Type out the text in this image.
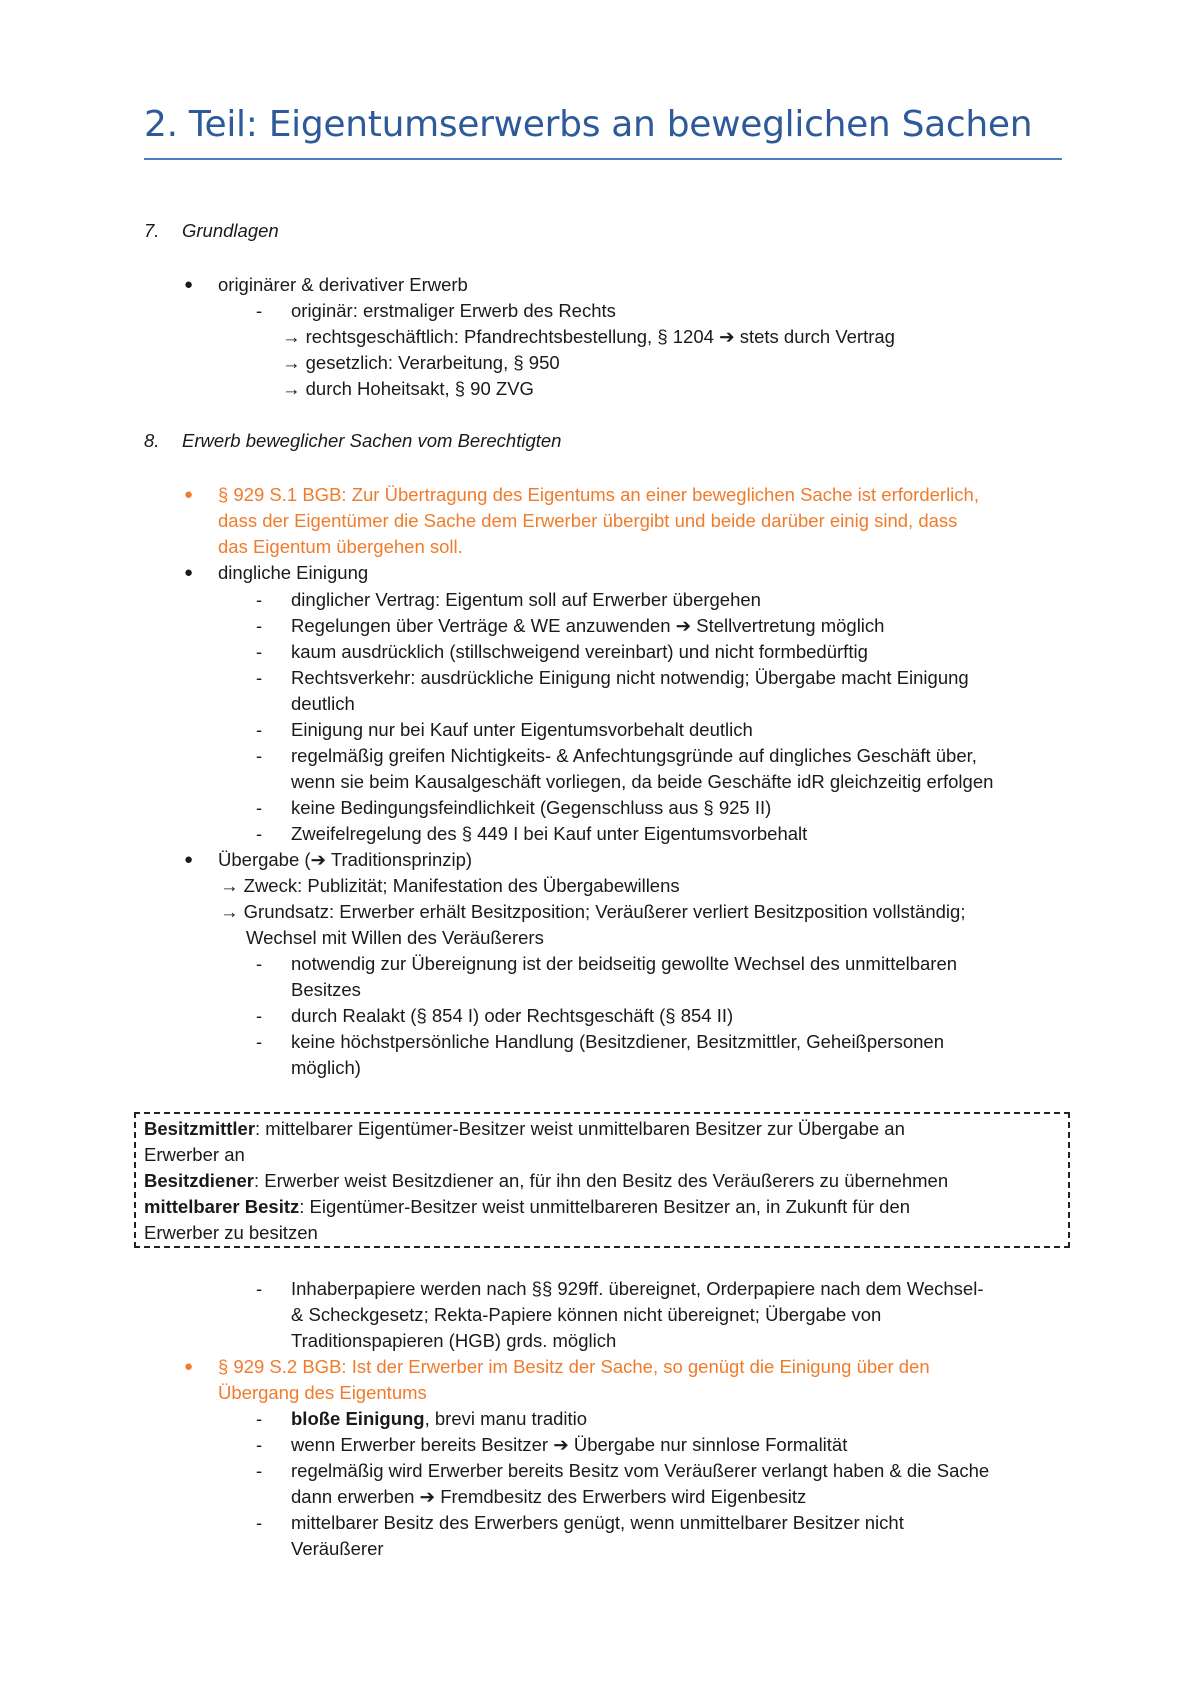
2. Teil: Eigentumserwerbs an beweglichen Sachen
7. Grundlagen
● originärer & derivativer Erwerb
- originär: erstmaliger Erwerb des Rechts
→ rechtsgeschäftlich: Pfandrechtsbestellung, § 1204 ➔ stets durch Vertrag
→ gesetzlich: Verarbeitung, § 950
→ durch Hoheitsakt, § 90 ZVG
8. Erwerb beweglicher Sachen vom Berechtigten
● § 929 S.1 BGB: Zur Übertragung des Eigentums an einer beweglichen Sache ist erforderlich,
dass der Eigentümer die Sache dem Erwerber übergibt und beide darüber einig sind, dass
das Eigentum übergehen soll.
● dingliche Einigung
- dinglicher Vertrag: Eigentum soll auf Erwerber übergehen
- Regelungen über Verträge & WE anzuwenden ➔ Stellvertretung möglich
- kaum ausdrücklich (stillschweigend vereinbart) und nicht formbedürftig
- Rechtsverkehr: ausdrückliche Einigung nicht notwendig; Übergabe macht Einigung
deutlich
- Einigung nur bei Kauf unter Eigentumsvorbehalt deutlich
- regelmäßig greifen Nichtigkeits- & Anfechtungsgründe auf dingliches Geschäft über,
wenn sie beim Kausalgeschäft vorliegen, da beide Geschäfte idR gleichzeitig erfolgen
- keine Bedingungsfeindlichkeit (Gegenschluss aus § 925 II)
- Zweifelregelung des § 449 I bei Kauf unter Eigentumsvorbehalt
● Übergabe (➔ Traditionsprinzip)
→ Zweck: Publizität; Manifestation des Übergabewillens
→ Grundsatz: Erwerber erhält Besitzposition; Veräußerer verliert Besitzposition vollständig;
Wechsel mit Willen des Veräußerers
- notwendig zur Übereignung ist der beidseitig gewollte Wechsel des unmittelbaren
Besitzes
- durch Realakt (§ 854 I) oder Rechtsgeschäft (§ 854 II)
- keine höchstpersönliche Handlung (Besitzdiener, Besitzmittler, Geheißpersonen
möglich)
Besitzmittler: mittelbarer Eigentümer-Besitzer weist unmittelbaren Besitzer zur Übergabe an
Erwerber an
Besitzdiener: Erwerber weist Besitzdiener an, für ihn den Besitz des Veräußerers zu übernehmen
mittelbarer Besitz: Eigentümer-Besitzer weist unmittelbareren Besitzer an, in Zukunft für den
Erwerber zu besitzen
- Inhaberpapiere werden nach §§ 929ff. übereignet, Orderpapiere nach dem Wechsel-
& Scheckgesetz; Rekta-Papiere können nicht übereignet; Übergabe von
Traditionspapieren (HGB) grds. möglich
● § 929 S.2 BGB: Ist der Erwerber im Besitz der Sache, so genügt die Einigung über den
Übergang des Eigentums
- bloße Einigung, brevi manu traditio
- wenn Erwerber bereits Besitzer ➔ Übergabe nur sinnlose Formalität
- regelmäßig wird Erwerber bereits Besitz vom Veräußerer verlangt haben & die Sache
dann erwerben ➔ Fremdbesitz des Erwerbers wird Eigenbesitz
- mittelbarer Besitz des Erwerbers genügt, wenn unmittelbarer Besitzer nicht
Veräußerer
